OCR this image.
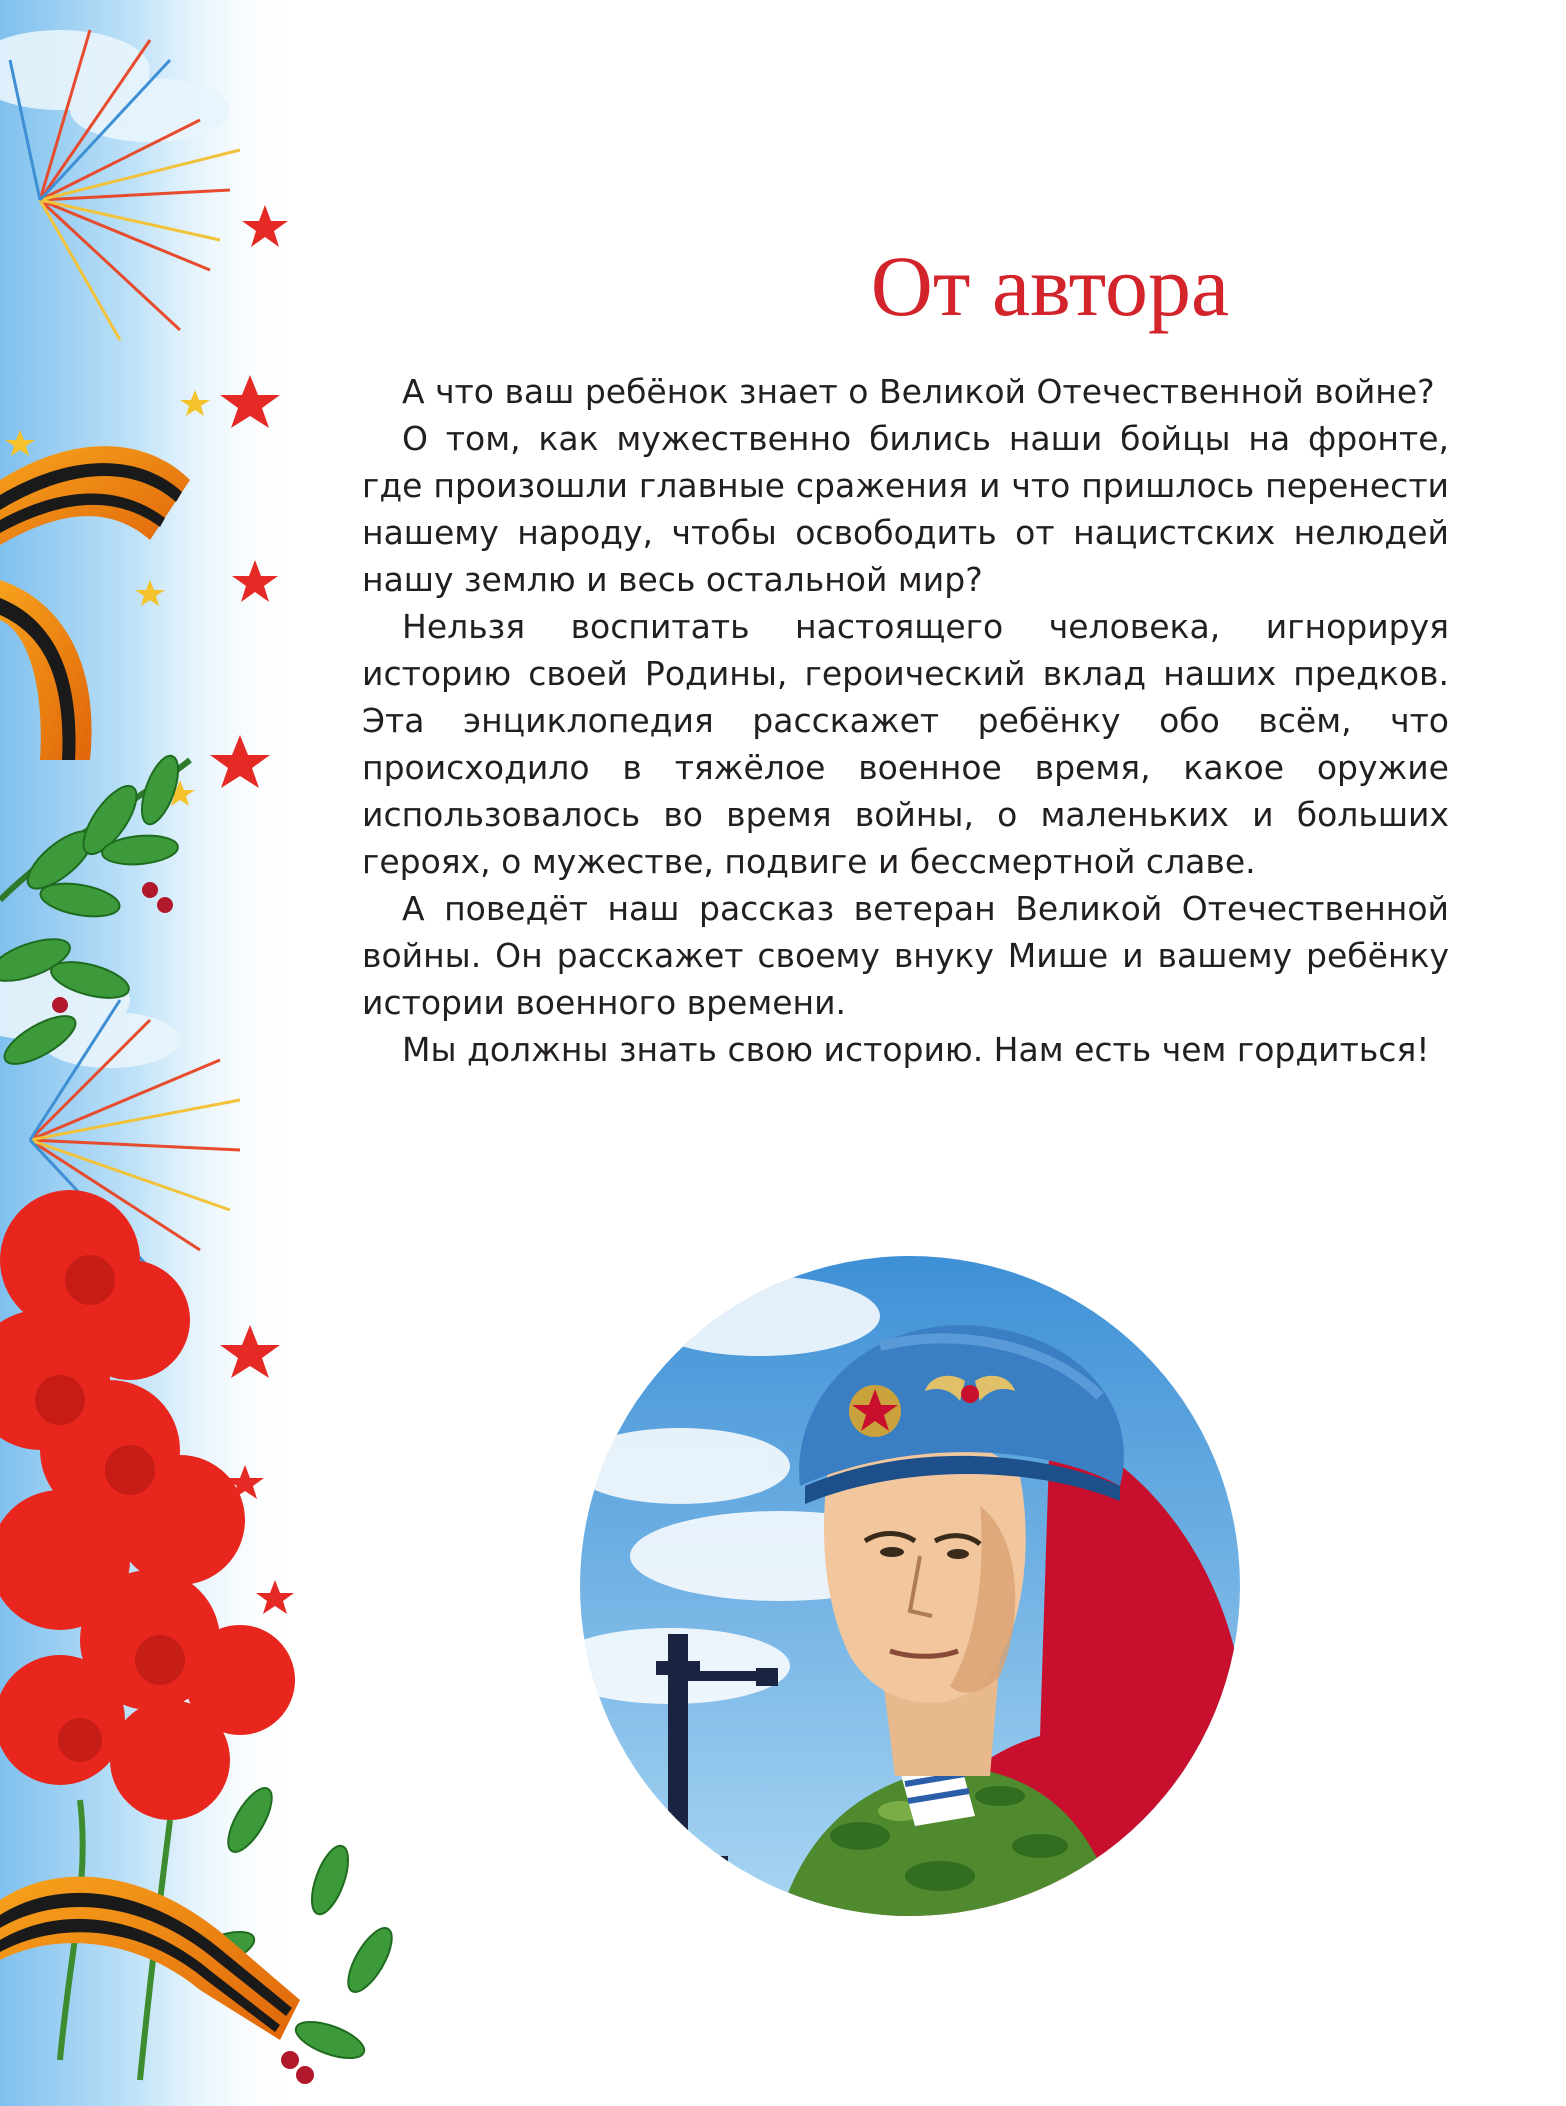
От автора

А что ваш ребёнок знает о Великой Отечественной войне?

О том, как мужественно бились наши бойцы на фронте, где произошли главные сражения и что пришлось перенести нашему народу, чтобы освободить от нацистских нелюдей нашу землю и весь остальной мир?

Нельзя воспитать настоящего человека, игнорируя историю своей Родины, героический вклад наших предков. Эта энциклопедия расскажет ребёнку обо всём, что происходило в тяжёлое военное время, какое оружие использовалось во время войны, о маленьких и больших героях, о мужестве, подвиге и бессмертной славе.

А поведёт наш рассказ ветеран Великой Отечественной войны. Он расскажет своему внуку Мише и вашему ребёнку истории военного времени.

Мы должны знать свою историю. Нам есть чем гордиться!
